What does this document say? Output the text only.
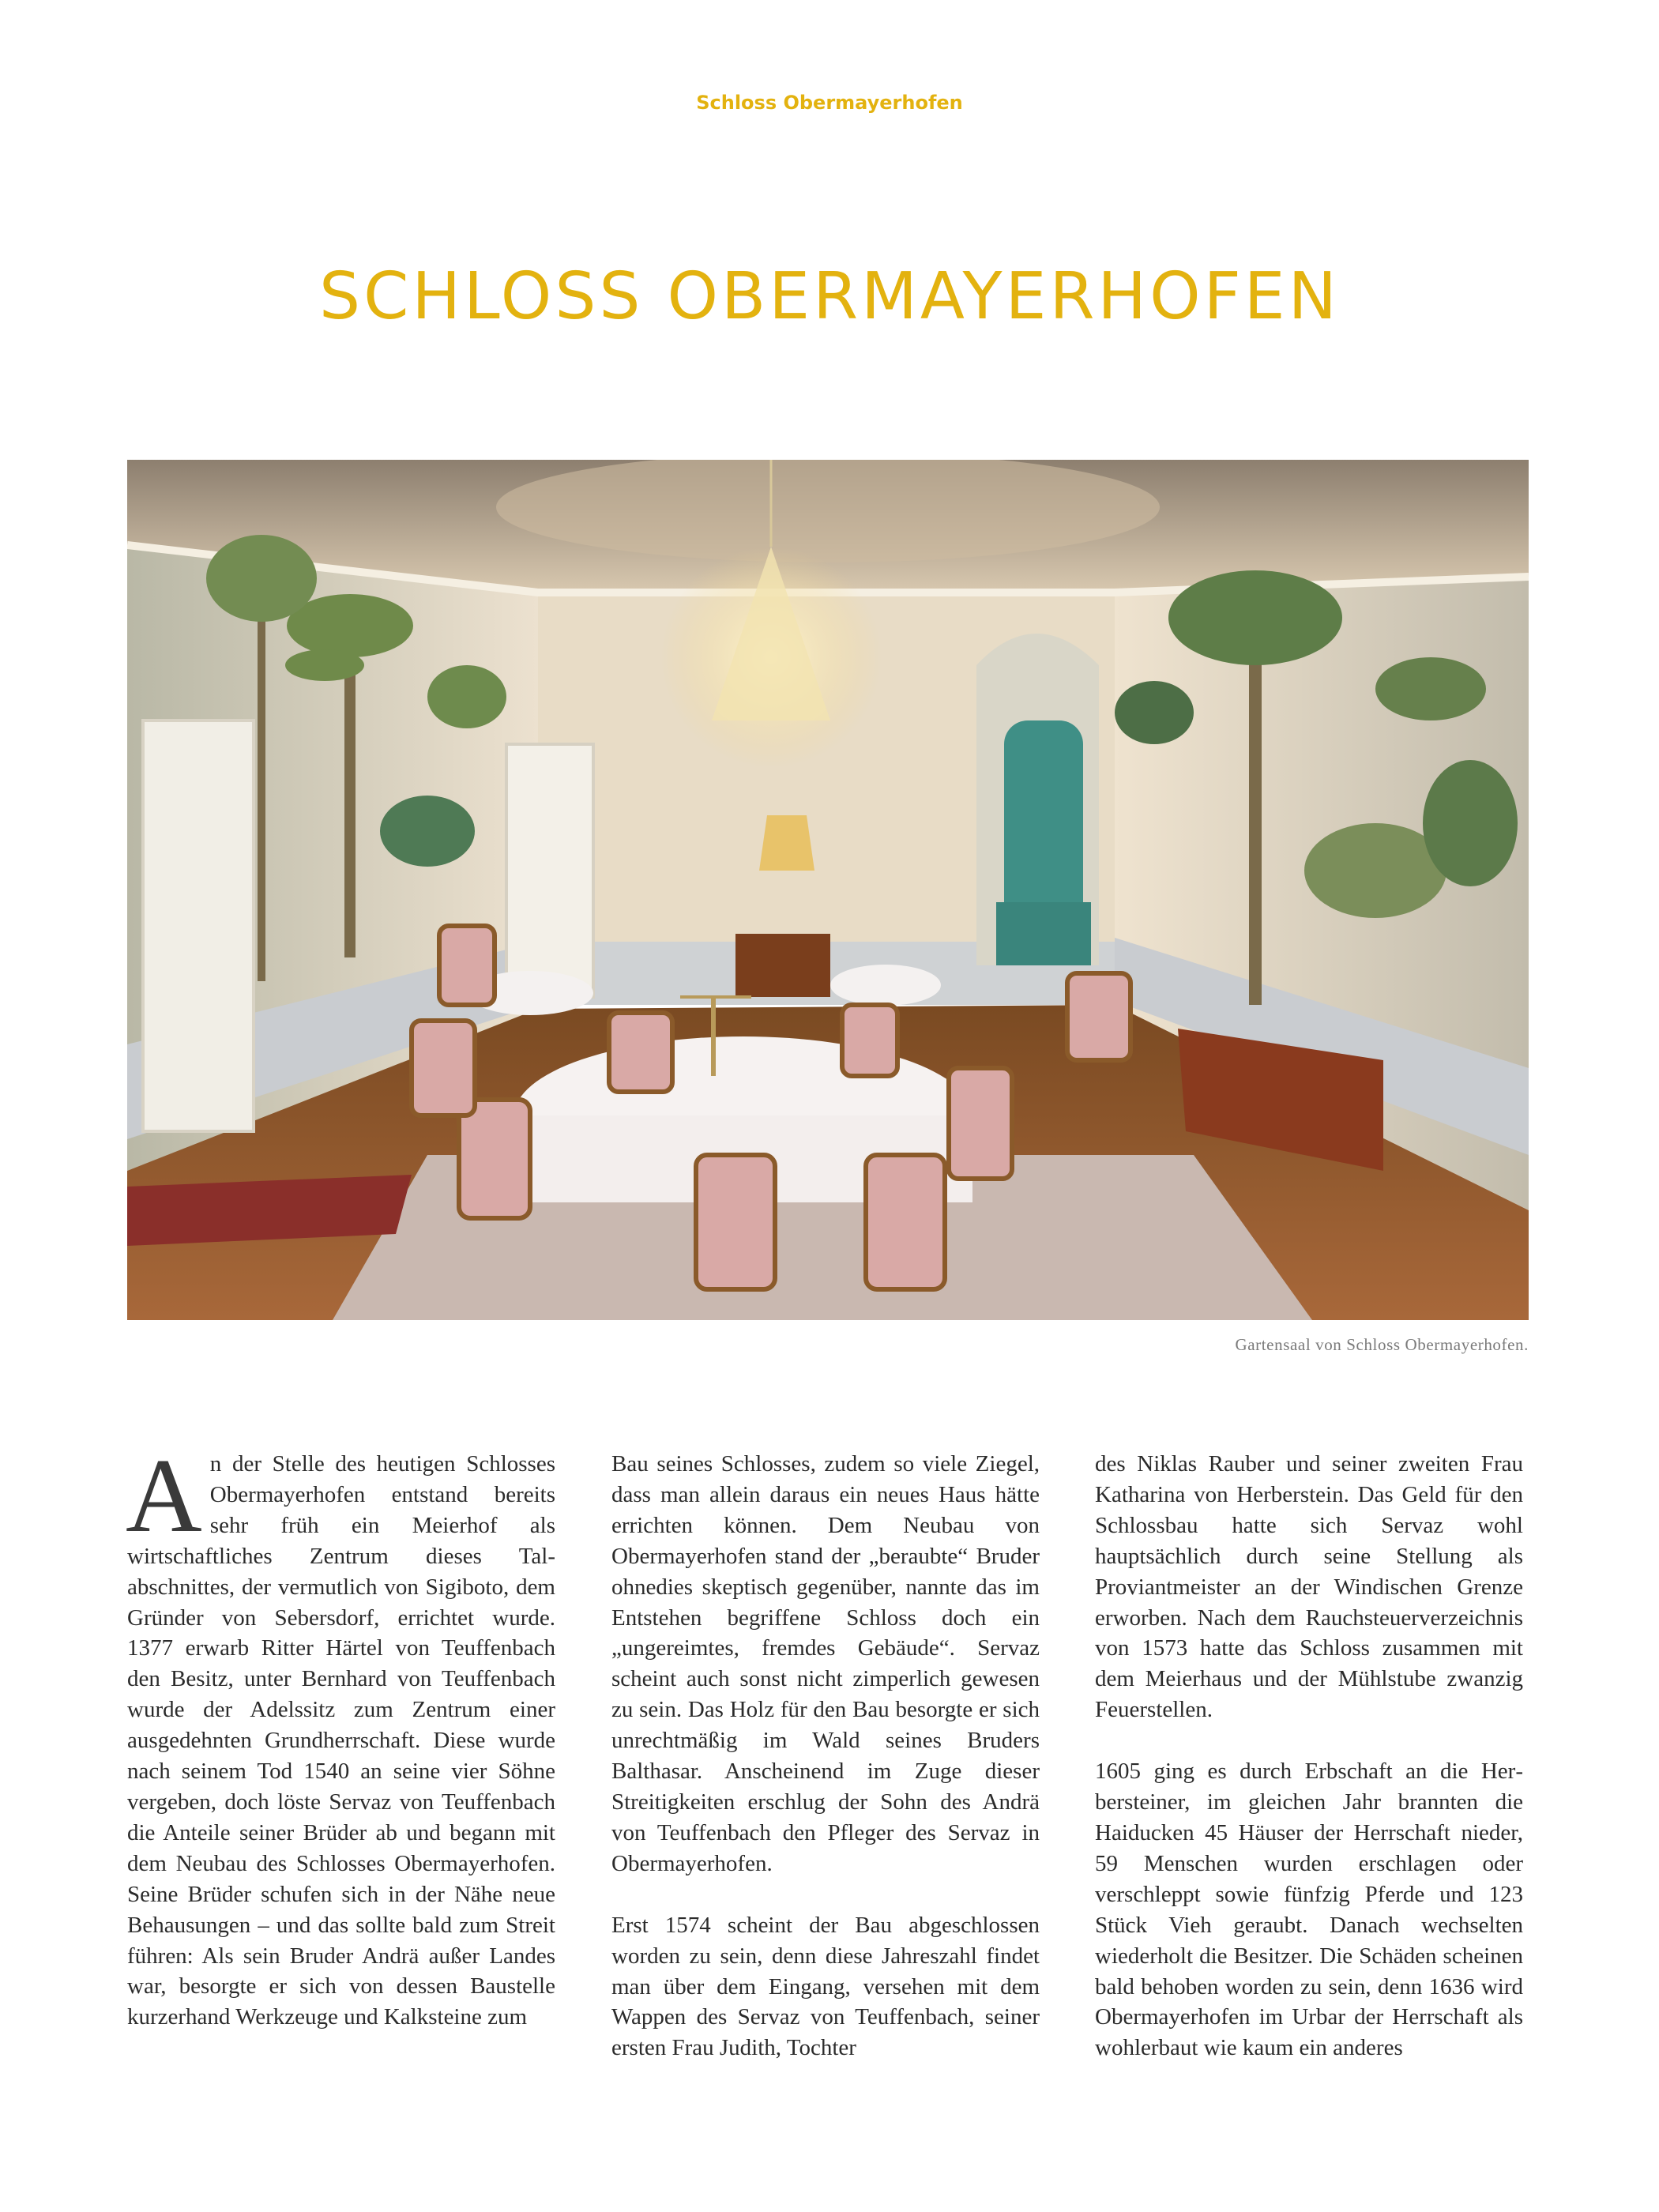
Schloss Obermayerhofen
SCHLOSS OBERMAYERHOFEN
Gartensaal von Schloss Obermayerhofen.

An der Stelle des heutigen Schlosses Obermayerhofen entstand bereits sehr früh ein Meierhof als wirtschaftliches Zentrum dieses Talabschnittes, der vermutlich von Sigiboto, dem Gründer von Sebersdorf, errichtet wurde. 1377 erwarb Ritter Härtel von Teuffenbach den Besitz, unter Bernhard von Teuffenbach wurde der Adelssitz zum Zentrum einer ausgedehnten Grundherrschaft. Diese wurde nach seinem Tod 1540 an seine vier Söhne vergeben, doch löste Servaz von Teuffenbach die Anteile seiner Brüder ab und begann mit dem Neubau des Schlosses Obermayerhofen. Seine Brüder schufen sich in der Nähe neue Behausungen – und das sollte bald zum Streit führen: Als sein Bruder Andrä außer Landes war, besorgte er sich von dessen Baustelle kurzerhand Werkzeuge und Kalksteine zum

Bau seines Schlosses, zudem so viele Ziegel, dass man allein daraus ein neues Haus hätte errichten können. Dem Neubau von Obermayerhofen stand der „beraubte“ Bruder ohnedies skeptisch gegenüber, nannte das im Entstehen begriffene Schloss doch ein „ungereimtes, fremdes Gebäude“. Servaz scheint auch sonst nicht zimperlich gewesen zu sein. Das Holz für den Bau besorgte er sich unrechtmäßig im Wald seines Bruders Balthasar. Anscheinend im Zuge dieser Streitigkeiten erschlug der Sohn des Andrä von Teuffenbach den Pfleger des Servaz in Obermayerhofen.

Erst 1574 scheint der Bau abgeschlossen worden zu sein, denn diese Jahreszahl findet man über dem Eingang, versehen mit dem Wappen des Servaz von Teuffenbach, seiner ersten Frau Judith, Tochter

des Niklas Rauber und seiner zweiten Frau Katharina von Herberstein. Das Geld für den Schlossbau hatte sich Servaz wohl hauptsächlich durch seine Stellung als Proviantmeister an der Windischen Grenze erworben. Nach dem Rauchsteuerverzeichnis von 1573 hatte das Schloss zusammen mit dem Meierhaus und der Mühlstube zwanzig Feuerstellen.

1605 ging es durch Erbschaft an die Herbersteiner, im gleichen Jahr brannten die Haiducken 45 Häuser der Herrschaft nieder, 59 Menschen wurden erschlagen oder verschleppt sowie fünfzig Pferde und 123 Stück Vieh geraubt. Danach wechselten wiederholt die Besitzer. Die Schäden scheinen bald behoben worden zu sein, denn 1636 wird Obermayerhofen im Urbar der Herrschaft als wohlerbaut wie kaum ein anderes
